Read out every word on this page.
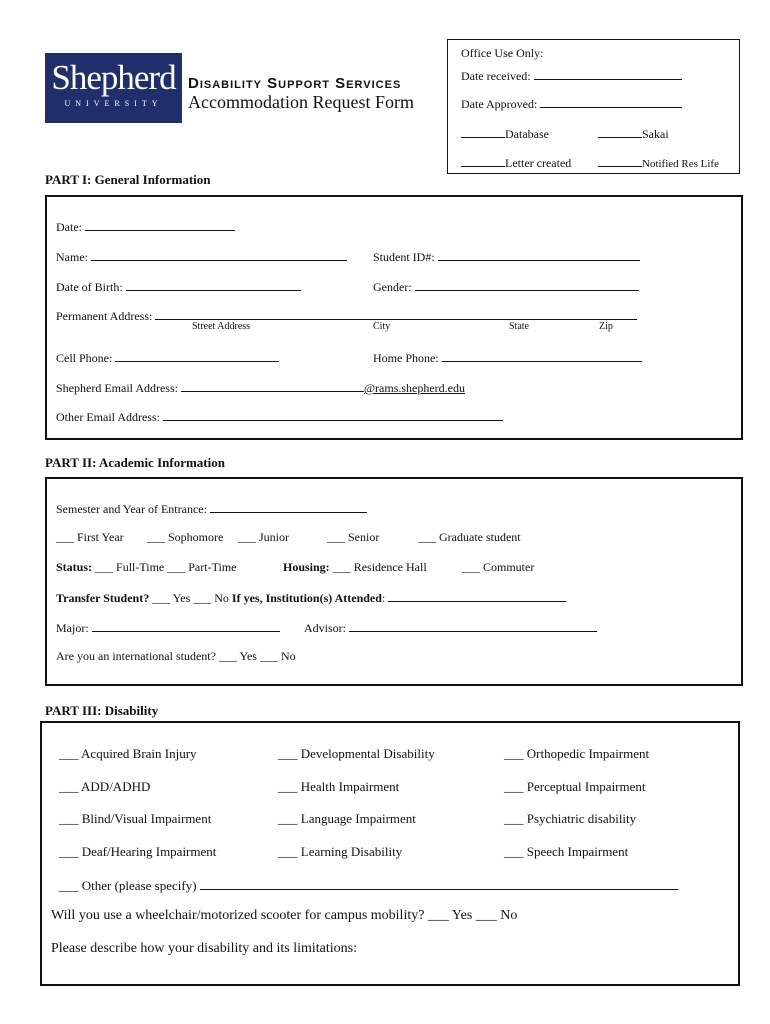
Shepherd
UNIVERSITY
Disability Support Services
Accommodation Request Form
Office Use Only:
Date received:
Date Approved:
Database	Sakai
Letter created	Notified Res Life
PART I: General Information
Date:
Name:	Student ID#:
Date of Birth:	Gender:
Permanent Address:
Street Address	City	State	Zip
Cell Phone:	Home Phone:
Shepherd Email Address:	@rams.shepherd.edu
Other Email Address:
PART II: Academic Information
Semester and Year of Entrance:
___ First Year ___ Sophomore ___ Junior	___ Senior	___ Graduate student
Status: ___ Full-Time ___ Part-Time	Housing: ___ Residence Hall	___ Commuter
Transfer Student? ___ Yes ___ No If yes, Institution(s) Attended:
Major:	Advisor:
Are you an international student? ___ Yes ___ No
PART III: Disability
___ Acquired Brain Injury	___ Developmental Disability	___ Orthopedic Impairment
___ ADD/ADHD	___ Health Impairment	___ Perceptual Impairment
___ Blind/Visual Impairment	___ Language Impairment	___ Psychiatric disability
___ Deaf/Hearing Impairment	___ Learning Disability	___ Speech Impairment
___ Other (please specify)
Will you use a wheelchair/motorized scooter for campus mobility? ___ Yes ___ No
Please describe how your disability and its limitations:
